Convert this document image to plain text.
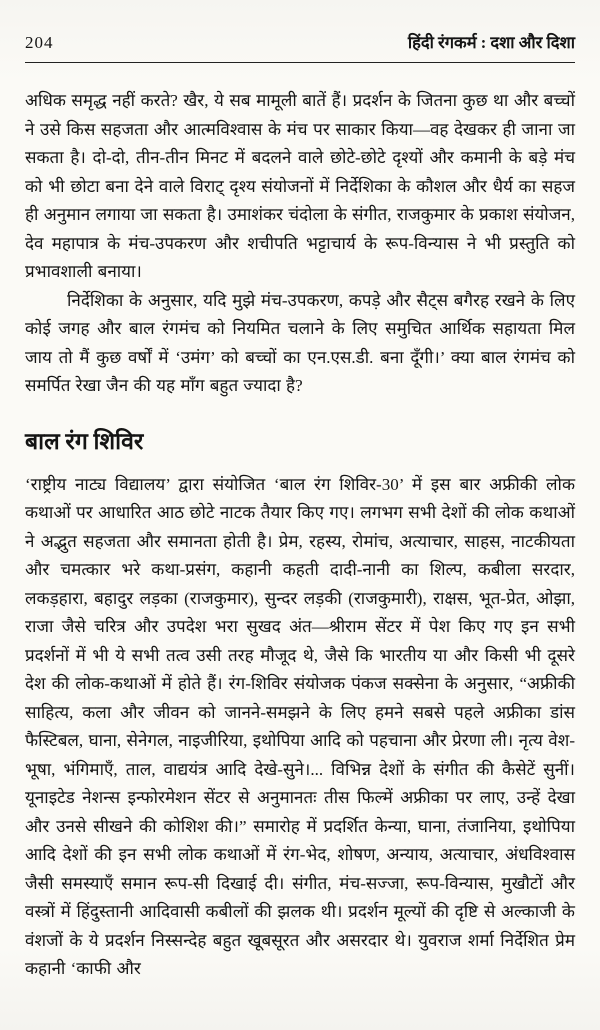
204	हिंदी रंगकर्म : दशा और दिशा

अधिक समृद्ध नहीं करते? खैर, ये सब मामूली बातें हैं। प्रदर्शन के जितना कुछ था और बच्चों ने उसे किस सहजता और आत्मविश्वास के मंच पर साकार किया—वह देखकर ही जाना जा सकता है। दो-दो, तीन-तीन मिनट में बदलने वाले छोटे-छोटे दृश्यों और कमानी के बड़े मंच को भी छोटा बना देने वाले विराट् दृश्य संयोजनों में निर्देशिका के कौशल और धैर्य का सहज ही अनुमान लगाया जा सकता है। उमाशंकर चंदोला के संगीत, राजकुमार के प्रकाश संयोजन, देव महापात्र के मंच-उपकरण और शचीपति भट्टाचार्य के रूप-विन्यास ने भी प्रस्तुति को प्रभावशाली बनाया।

निर्देशिका के अनुसार, यदि मुझे मंच-उपकरण, कपड़े और सैट्स बगैरह रखने के लिए कोई जगह और बाल रंगमंच को नियमित चलाने के लिए समुचित आर्थिक सहायता मिल जाय तो मैं कुछ वर्षों में ‘उमंग’ को बच्चों का एन.एस.डी. बना दूँगी।’ क्या बाल रंगमंच को समर्पित रेखा जैन की यह माँग बहुत ज्यादा है?

बाल रंग शिविर

‘राष्ट्रीय नाट्य विद्यालय’ द्वारा संयोजित ‘बाल रंग शिविर-30’ में इस बार अफ्रीकी लोक कथाओं पर आधारित आठ छोटे नाटक तैयार किए गए। लगभग सभी देशों की लोक कथाओं ने अद्भुत सहजता और समानता होती है। प्रेम, रहस्य, रोमांच, अत्याचार, साहस, नाटकीयता और चमत्कार भरे कथा-प्रसंग, कहानी कहती दादी-नानी का शिल्प, कबीला सरदार, लकड़हारा, बहादुर लड़का (राजकुमार), सुन्दर लड़की (राजकुमारी), राक्षस, भूत-प्रेत, ओझा, राजा जैसे चरित्र और उपदेश भरा सुखद अंत—श्रीराम सेंटर में पेश किए गए इन सभी प्रदर्शनों में भी ये सभी तत्व उसी तरह मौजूद थे, जैसे कि भारतीय या और किसी भी दूसरे देश की लोक-कथाओं में होते हैं। रंग-शिविर संयोजक पंकज सक्सेना के अनुसार, “अफ्रीकी साहित्य, कला और जीवन को जानने-समझने के लिए हमने सबसे पहले अफ्रीका डांस फैस्टिबल, घाना, सेनेगल, नाइजीरिया, इथोपिया आदि को पहचाना और प्रेरणा ली। नृत्य वेश-भूषा, भंगिमाएँ, ताल, वाद्ययंत्र आदि देखे-सुने।... विभिन्न देशों के संगीत की कैसेटें सुनीं। यूनाइटेड नेशन्स इन्फोरमेशन सेंटर से अनुमानतः तीस फिल्में अफ्रीका पर लाए, उन्हें देखा और उनसे सीखने की कोशिश की।” समारोह में प्रदर्शित केन्या, घाना, तंजानिया, इथोपिया आदि देशों की इन सभी लोक कथाओं में रंग-भेद, शोषण, अन्याय, अत्याचार, अंधविश्वास जैसी समस्याएँ समान रूप-सी दिखाई दी। संगीत, मंच-सज्जा, रूप-विन्यास, मुखौटों और वस्त्रों में हिंदुस्तानी आदिवासी कबीलों की झलक थी। प्रदर्शन मूल्यों की दृष्टि से अल्काजी के वंशजों के ये प्रदर्शन निस्सन्देह बहुत खूबसूरत और असरदार थे। युवराज शर्मा निर्देशित प्रेम कहानी ‘काफी और
